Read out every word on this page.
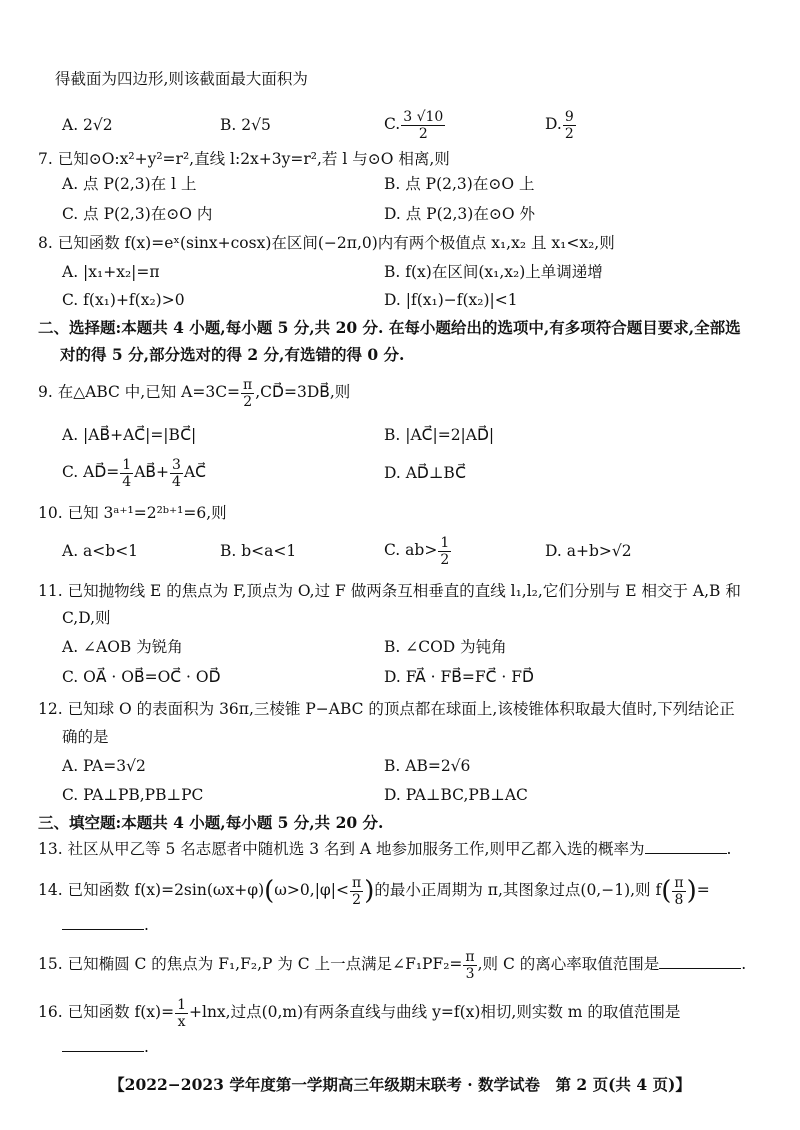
得截面为四边形,则该截面最大面积为
A. 2√2	B. 2√5	C. $\frac{3 √10}{2}$	D. $\frac{9}{2}$
7. 已知⊙O:x²+y²=r²,直线 l:2x+3y=r²,若 l 与⊙O 相离,则
A. 点 P(2,3)在 l 上	B. 点 P(2,3)在⊙O 上
C. 点 P(2,3)在⊙O 内	D. 点 P(2,3)在⊙O 外
8. 已知函数 f(x)=eˣ(sinx+cosx)在区间(−2π,0)内有两个极值点 x₁,x₂ 且 x₁<x₂,则
A. |x₁+x₂|=π	B. f(x)在区间(x₁,x₂)上单调递增
C. f(x₁)+f(x₂)>0	D. |f(x₁)−f(x₂)|<1
二、选择题:本题共 4 小题,每小题 5 分,共 20 分. 在每小题给出的选项中,有多项符合题目要求,全部选
对的得 5 分,部分选对的得 2 分,有选错的得 0 分.
9. 在△ABC 中,已知 $A=3C= \frac{\pi}{2}$ ,CD⃗=3DB⃗,则
A. |AB⃗+AC⃗|=|BC⃗|	B. |AC⃗|=2|AD⃗|
C. AD⃗= $\frac{1}{4}$ AB⃗+ $\frac{3}{4}$ AC⃗	D. AD⃗⊥BC⃗
10. 已知 3ᵃ⁺¹=2²ᵇ⁺¹=6,则
A. a<b<1	B. b<a<1	C. $ab> \frac{1}{2}$	D. a+b>√2
11. 已知抛物线 E 的焦点为 F,顶点为 O,过 F 做两条互相垂直的直线 l₁,l₂,它们分别与 E 相交于 A,B 和
C,D,则
A. ∠AOB 为锐角	B. ∠COD 为钝角
C. OA⃗ · OB⃗=OC⃗ · OD⃗	D. FA⃗ · FB⃗=FC⃗ · FD⃗
12. 已知球 O 的表面积为 36π,三棱锥 P−ABC 的顶点都在球面上,该棱锥体积取最大值时,下列结论正
确的是
A. PA=3√2	B. AB=2√6
C. PA⊥PB,PB⊥PC	D. PA⊥BC,PB⊥AC
三、填空题:本题共 4 小题,每小题 5 分,共 20 分.
13. 社区从甲乙等 5 名志愿者中随机选 3 名到 A 地参加服务工作,则甲乙都入选的概率为	.
14. 已知函数 $f(x)=2\sin(\omega x+\varphi)(\omega>0,|\varphi|< \frac{\pi}{2}$ )的最小正周期为 π,其图象过点(0,−1),则 $f( \frac{\pi}{8}$ )=
.
15. 已知椭圆 C 的焦点为 F₁,F₂,P 为 C 上一点满足∠F₁PF₂= $\frac{\pi}{3}$ ,则 C 的离心率取值范围是	.
16. 已知函数 $f(x)= \frac{1}{x} +\ln x$,过点(0,m)有两条直线与曲线 y=f(x)相切,则实数 m 的取值范围是
.
【2022−2023 学年度第一学期高三年级期末联考 · 数学试卷　第 2 页(共 4 页)】
